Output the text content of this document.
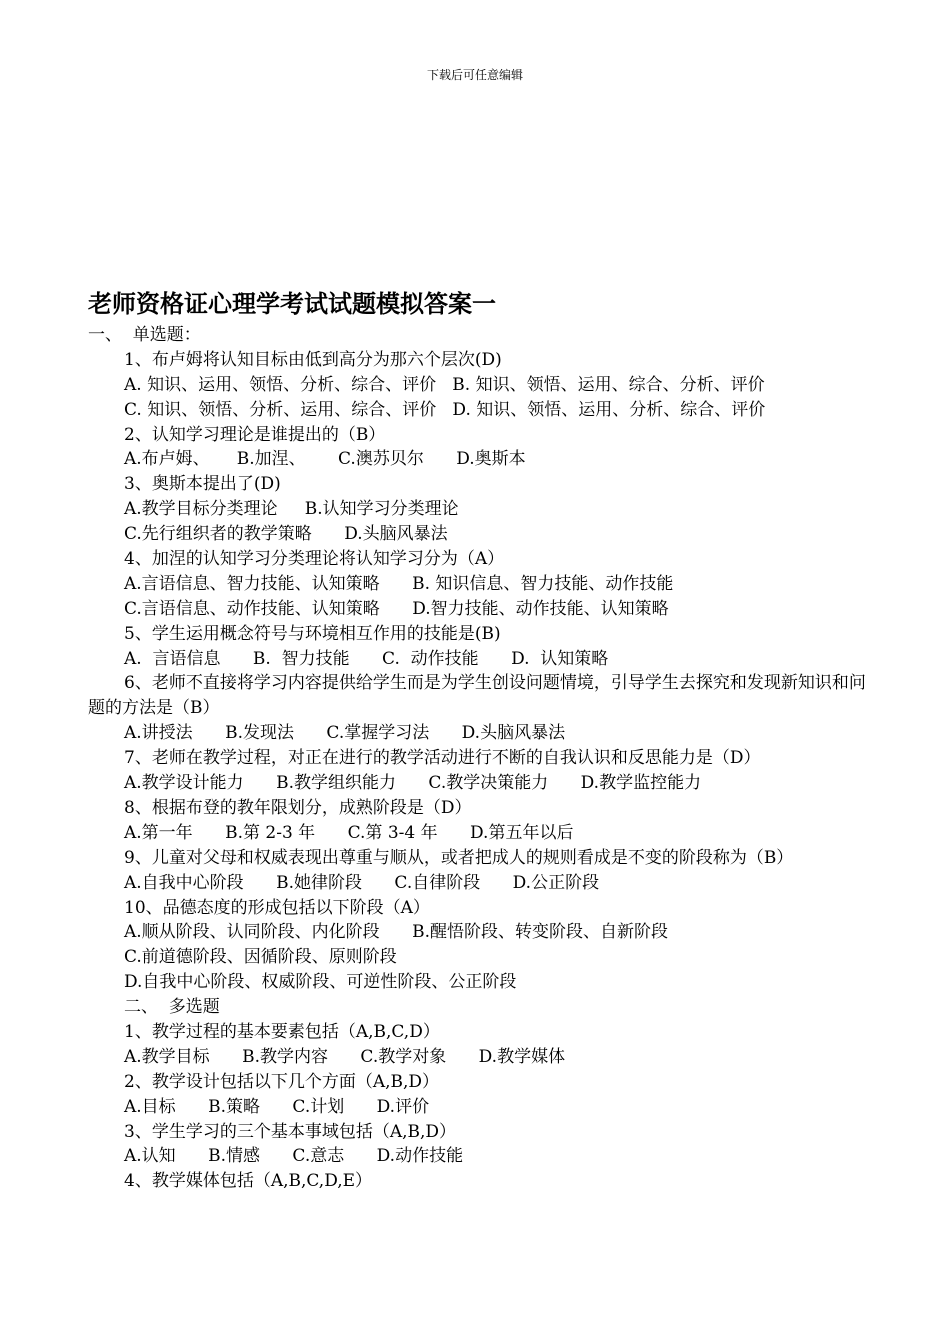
下载后可任意编辑
老师资格证心理学考试试题模拟答案一
一、  单选题：
1、布卢姆将认知目标由低到高分为那六个层次(D)
A. 知识、运用、领悟、分析、综合、评价   B. 知识、领悟、运用、综合、分析、评价
C. 知识、领悟、分析、运用、综合、评价   D. 知识、领悟、运用、分析、综合、评价
2、认知学习理论是谁提出的（B）
A.布卢姆、     B.加涅、      C.澳苏贝尔      D.奥斯本
3、奥斯本提出了(D)
A.教学目标分类理论     B.认知学习分类理论
C.先行组织者的教学策略      D.头脑风暴法
4、加涅的认知学习分类理论将认知学习分为（A）
A.言语信息、智力技能、认知策略      B. 知识信息、智力技能、动作技能
C.言语信息、动作技能、认知策略      D.智力技能、动作技能、认知策略
5、学生运用概念符号与环境相互作用的技能是(B)
A.  言语信息      B.  智力技能      C.  动作技能      D.  认知策略
6、老师不直接将学习内容提供给学生而是为学生创设问题情境，引导学生去探究和发现新知识和问题的方法是（B）
A.讲授法      B.发现法      C.掌握学习法      D.头脑风暴法
7、老师在教学过程，对正在进行的教学活动进行不断的自我认识和反思能力是（D）
A.教学设计能力      B.教学组织能力      C.教学决策能力      D.教学监控能力
8、根据布登的教年限划分，成熟阶段是（D）
A.第一年      B.第 2-3 年      C.第 3-4 年      D.第五年以后
9、儿童对父母和权威表现出尊重与顺从，或者把成人的规则看成是不变的阶段称为（B）
A.自我中心阶段      B.她律阶段      C.自律阶段      D.公正阶段
10、品德态度的形成包括以下阶段（A）
A.顺从阶段、认同阶段、内化阶段      B.醒悟阶段、转变阶段、自新阶段
C.前道德阶段、因循阶段、原则阶段
D.自我中心阶段、权威阶段、可逆性阶段、公正阶段
二、  多选题
1、教学过程的基本要素包括（A,B,C,D）
A.教学目标      B.教学内容      C.教学对象      D.教学媒体
2、教学设计包括以下几个方面（A,B,D）
A.目标      B.策略      C.计划      D.评价
3、学生学习的三个基本事域包括（A,B,D）
A.认知      B.情感      C.意志      D.动作技能
4、教学媒体包括（A,B,C,D,E）
